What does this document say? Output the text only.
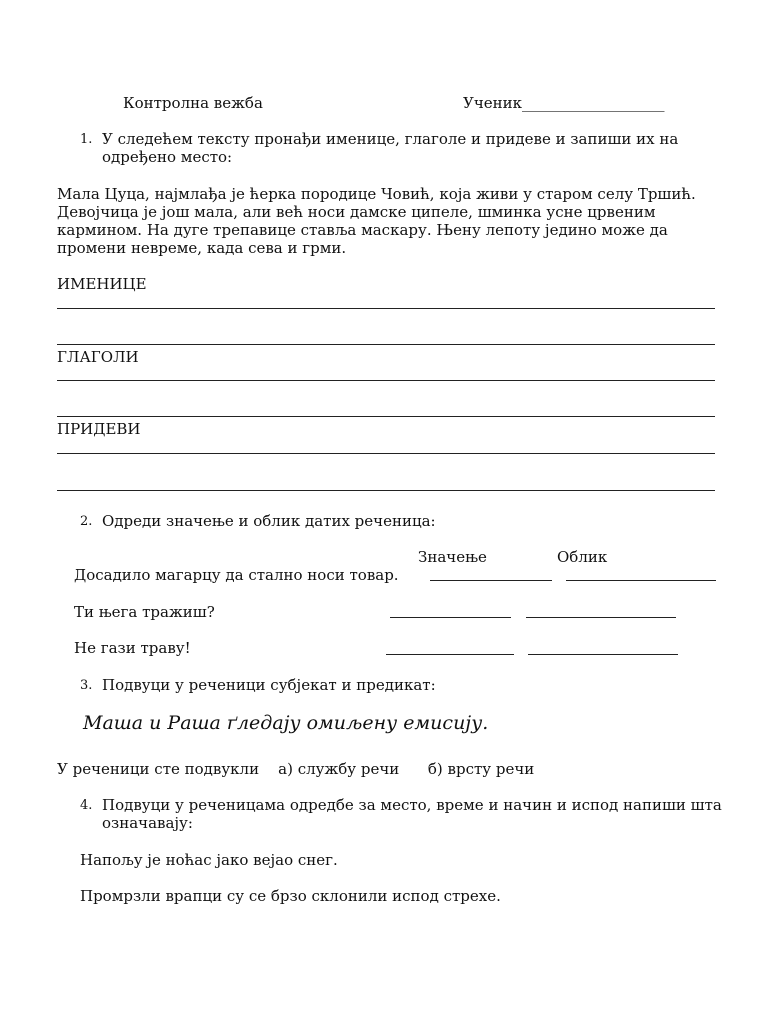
Контролна вежба	Ученик___________________
1. У следећем тексту пронађи именице, глаголе и придеве и запиши их на
одређено место:
Мала Цуца, најмлађа је ћерка породице Човић, која живи у старом селу Тршић.
Девојчица је још мала, али већ носи дамске ципеле, шминка усне црвеним
кармином. На дуге трепавице ставља маскару. Њену лепоту једино може да
промени невреме, када сева и грми.
ИМЕНИЦЕ
ГЛАГОЛИ
ПРИДЕВИ
2. Одреди значење и облик датих реченица:
Значење	Облик
Досадило магарцу да стално носи товар.
Ти њега тражиш?
Не гази траву!
3. Подвуци у реченици субјекат и предикат:
Маша и Раша ґледају омиљену емисију.
У реченици сте подвукли    а) службу речи      б) врсту речи
4. Подвуци у реченицама одредбе за место, време и начин и испод напиши шта
означавају:
Напољу је ноћас јако вејао снег.
Промрзли врапци су се брзо склонили испод стрехе.
